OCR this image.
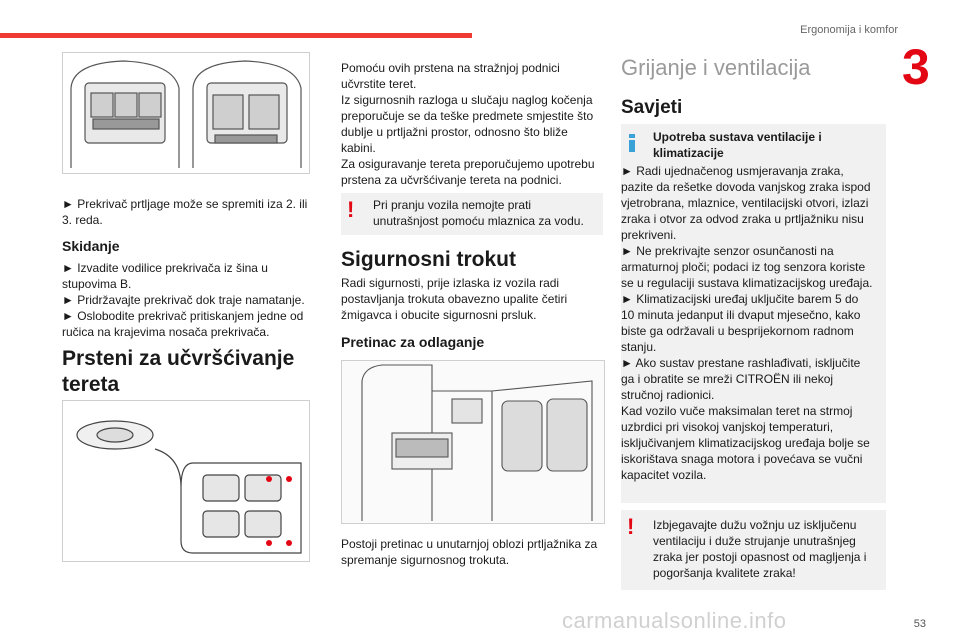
Ergonomija i komfor
3

► Prekrivač prtljage može se spremiti iza 2. ili 3. reda.

Skidanje

► Izvadite vodilice prekrivača iz šina u stupovima B.

► Pridržavajte prekrivač dok traje namatanje.

► Oslobodite prekrivač pritiskanjem jedne od ručica na krajevima nosača prekrivača.

Prsteni za učvršćivanje tereta

Pomoću ovih prstena na stražnjoj podnici učvrstite teret.

Iz sigurnosnih razloga u slučaju naglog kočenja preporučuje se da teške predmete smjestite što dublje u prtljažni prostor, odnosno što bliže kabini.

Za osiguravanje tereta preporučujemo upotrebu prstena za učvršćivanje tereta na podnici.

! Pri pranju vozila nemojte prati unutrašnjost pomoću mlaznica za vodu.

Sigurnosni trokut

Radi sigurnosti, prije izlaska iz vozila radi postavljanja trokuta obavezno upalite četiri žmigavca i obucite sigurnosni prsluk.

Pretinac za odlaganje

Postoji pretinac u unutarnjoj oblozi prtljažnika za spremanje sigurnosnog trokuta.

Grijanje i ventilacija

Savjeti

Upotreba sustava ventilacije i klimatizacije

► Radi ujednačenog usmjeravanja zraka, pazite da rešetke dovoda vanjskog zraka ispod vjetrobrana, mlaznice, ventilacijski otvori, izlazi zraka i otvor za odvod zraka u prtljažniku nisu prekriveni.

► Ne prekrivajte senzor osunčanosti na armaturnoj ploči; podaci iz tog senzora koriste se u regulaciji sustava klimatizacijskog uređaja.

► Klimatizacijski uređaj uključite barem 5 do 10 minuta jedanput ili dvaput mjesečno, kako biste ga održavali u besprijekornom radnom stanju.

► Ako sustav prestane rashlađivati, isključite ga i obratite se mreži CITROËN ili nekoj stručnoj radionici.

Kad vozilo vuče maksimalan teret na strmoj uzbrdici pri visokoj vanjskoj temperaturi, isključivanjem klimatizacijskog uređaja bolje se iskorištava snaga motora i povećava se vučni kapacitet vozila.

! Izbjegavajte dužu vožnju uz isključenu ventilaciju i duže strujanje unutrašnjeg zraka jer postoji opasnost od magljenja i pogoršanja kvalitete zraka!

53
carmanualsonline.info
